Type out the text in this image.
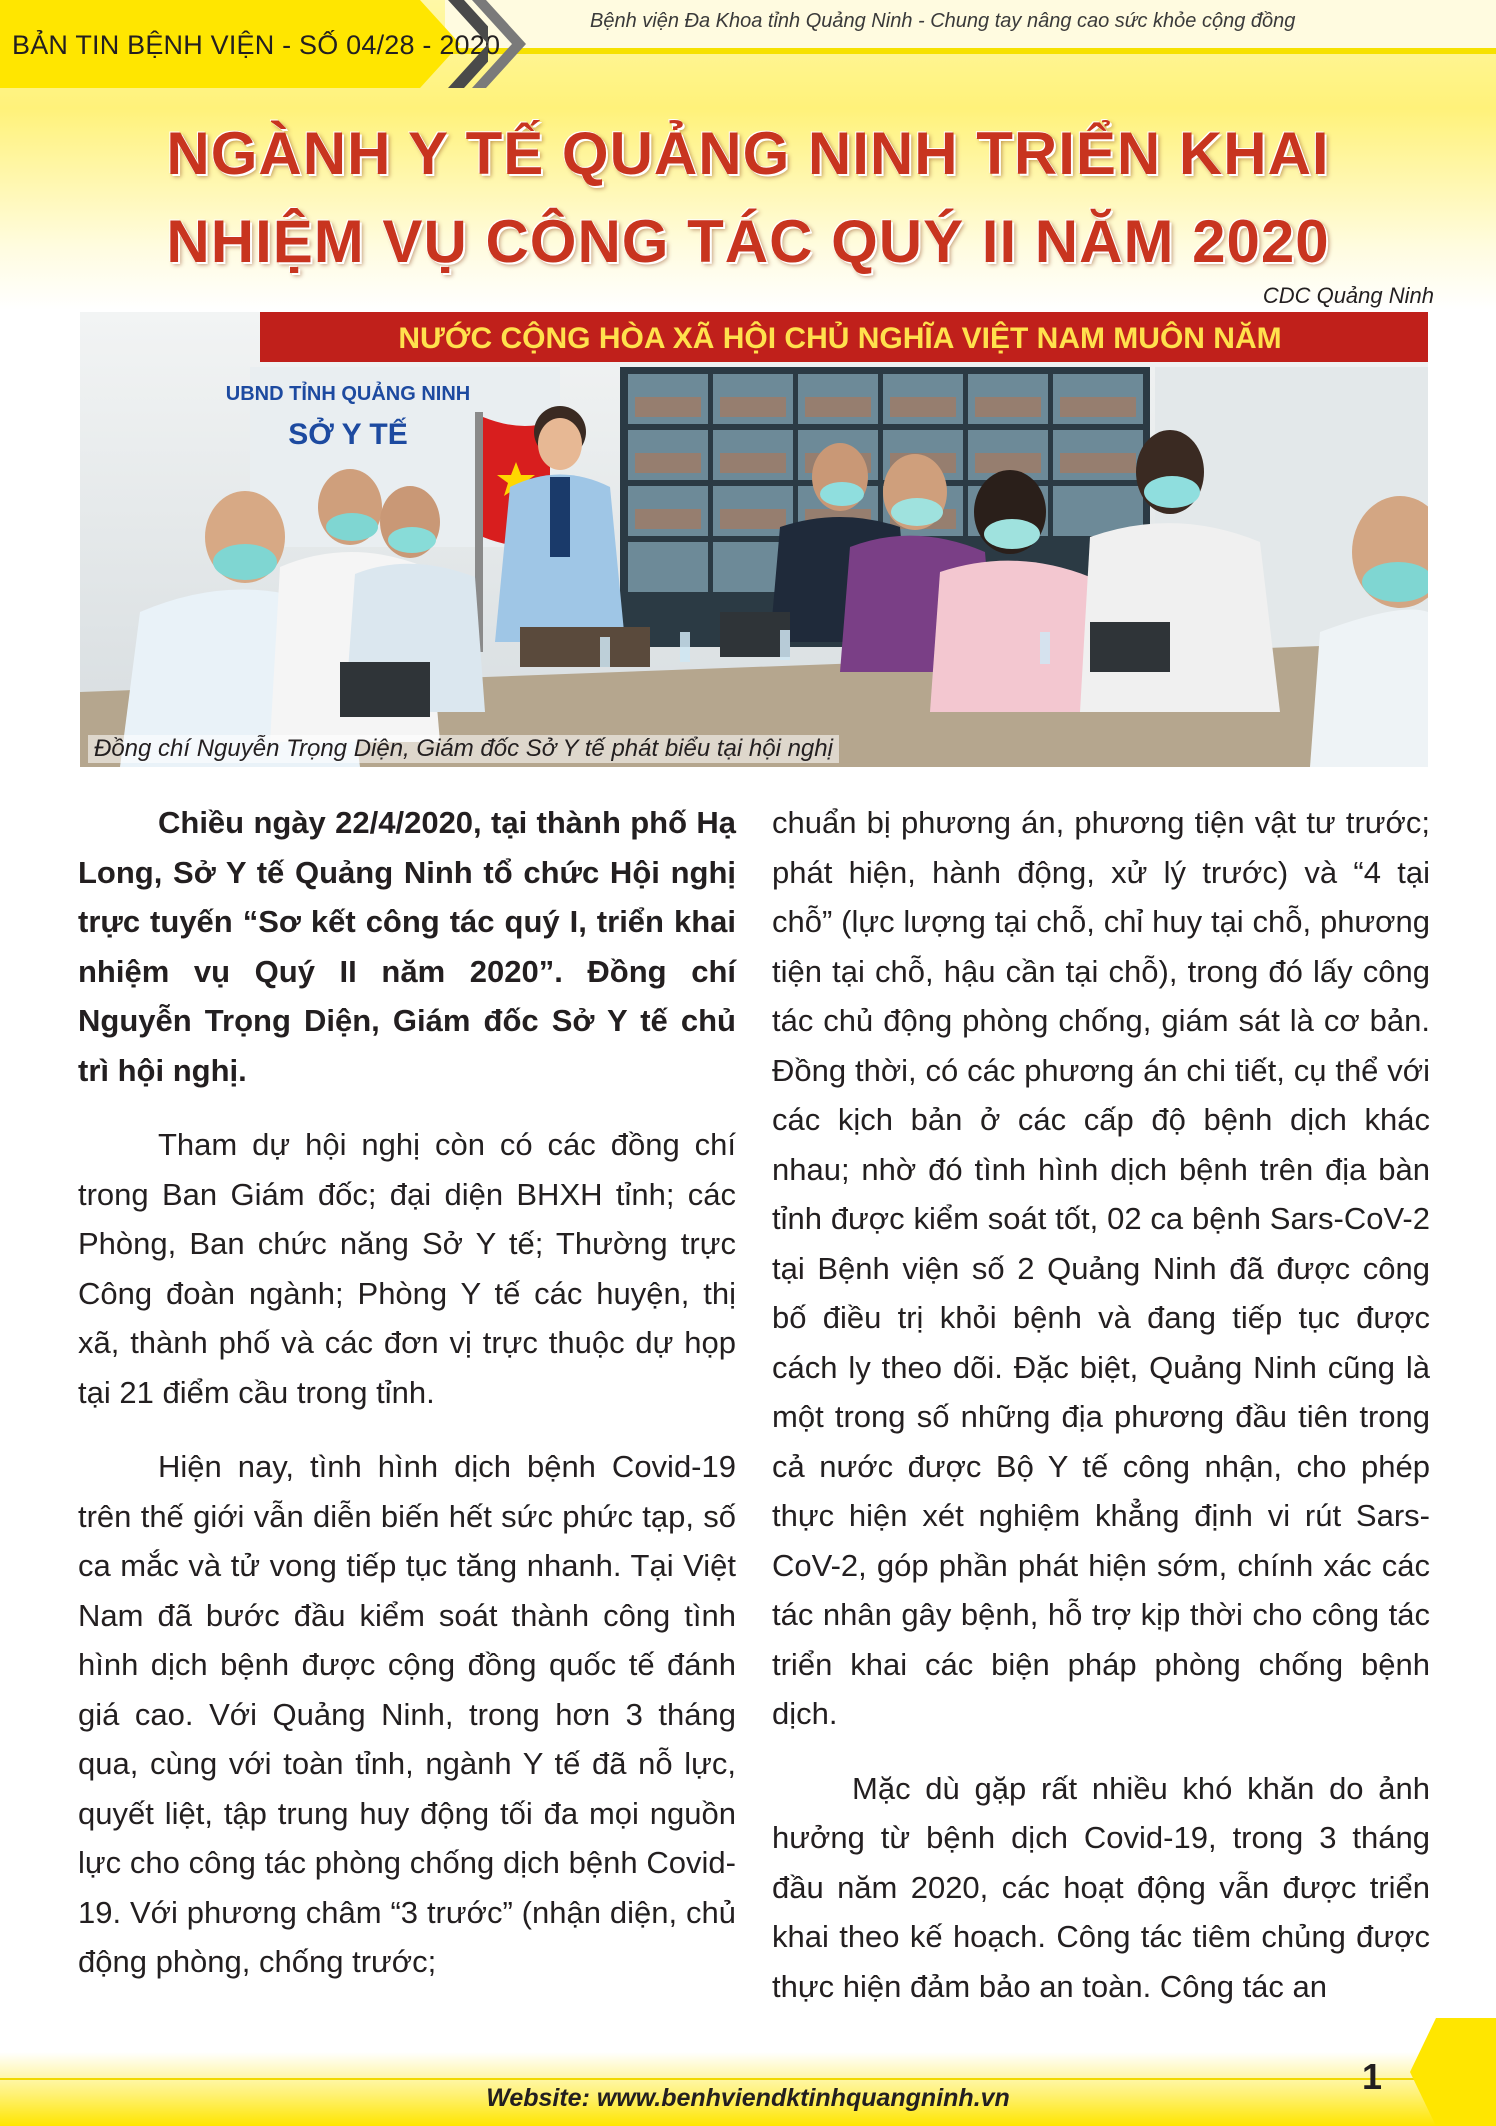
BẢN TIN BỆNH VIỆN - SỐ 04/28 - 2020
Bệnh viện Đa Khoa tỉnh Quảng Ninh - Chung tay nâng cao sức khỏe cộng đồng
NGÀNH Y TẾ QUẢNG NINH TRIỂN KHAI
NHIỆM VỤ CÔNG TÁC QUÝ II NĂM 2020
CDC Quảng Ninh
NƯỚC CỘNG HÒA XÃ HỘI CHỦ NGHĨA VIỆT NAM MUÔN NĂM
UBND TỈNH QUẢNG NINH
SỞ Y TẾ
Đồng chí Nguyễn Trọng Diện, Giám đốc Sở Y tế phát biểu tại hội nghị

Chiều ngày 22/4/2020, tại thành phố Hạ Long, Sở Y tế Quảng Ninh tổ chức Hội nghị trực tuyến “Sơ kết công tác quý I, triển khai nhiệm vụ Quý II năm 2020”. Đồng chí Nguyễn Trọng Diện, Giám đốc Sở Y tế chủ trì hội nghị.

Tham dự hội nghị còn có các đồng chí trong Ban Giám đốc; đại diện BHXH tỉnh; các Phòng, Ban chức năng Sở Y tế; Thường trực Công đoàn ngành; Phòng Y tế các huyện, thị xã, thành phố và các đơn vị trực thuộc dự họp tại 21 điểm cầu trong tỉnh.

Hiện nay, tình hình dịch bệnh Covid-19 trên thế giới vẫn diễn biến hết sức phức tạp, số ca mắc và tử vong tiếp tục tăng nhanh. Tại Việt Nam đã bước đầu kiểm soát thành công tình hình dịch bệnh được cộng đồng quốc tế đánh giá cao. Với Quảng Ninh, trong hơn 3 tháng qua, cùng với toàn tỉnh, ngành Y tế đã nỗ lực, quyết liệt, tập trung huy động tối đa mọi nguồn lực cho công tác phòng chống dịch bệnh Covid-19. Với phương châm “3 trước” (nhận diện, chủ động phòng, chống trước;

chuẩn bị phương án, phương tiện vật tư trước; phát hiện, hành động, xử lý trước) và “4 tại chỗ” (lực lượng tại chỗ, chỉ huy tại chỗ, phương tiện tại chỗ, hậu cần tại chỗ), trong đó lấy công tác chủ động phòng chống, giám sát là cơ bản. Đồng thời, có các phương án chi tiết, cụ thể với các kịch bản ở các cấp độ bệnh dịch khác nhau; nhờ đó tình hình dịch bệnh trên địa bàn tỉnh được kiểm soát tốt, 02 ca bệnh Sars-CoV-2 tại Bệnh viện số 2 Quảng Ninh đã được công bố điều trị khỏi bệnh và đang tiếp tục được cách ly theo dõi. Đặc biệt, Quảng Ninh cũng là một trong số những địa phương đầu tiên trong cả nước được Bộ Y tế công nhận, cho phép thực hiện xét nghiệm khẳng định vi rút Sars-CoV-2, góp phần phát hiện sớm, chính xác các tác nhân gây bệnh, hỗ trợ kịp thời cho công tác triển khai các biện pháp phòng chống bệnh dịch.

Mặc dù gặp rất nhiều khó khăn do ảnh hưởng từ bệnh dịch Covid-19, trong 3 tháng đầu năm 2020, các hoạt động vẫn được triển khai theo kế hoạch. Công tác tiêm chủng được thực hiện đảm bảo an toàn. Công tác an

Website: www.benhviendktinhquangninh.vn
1
